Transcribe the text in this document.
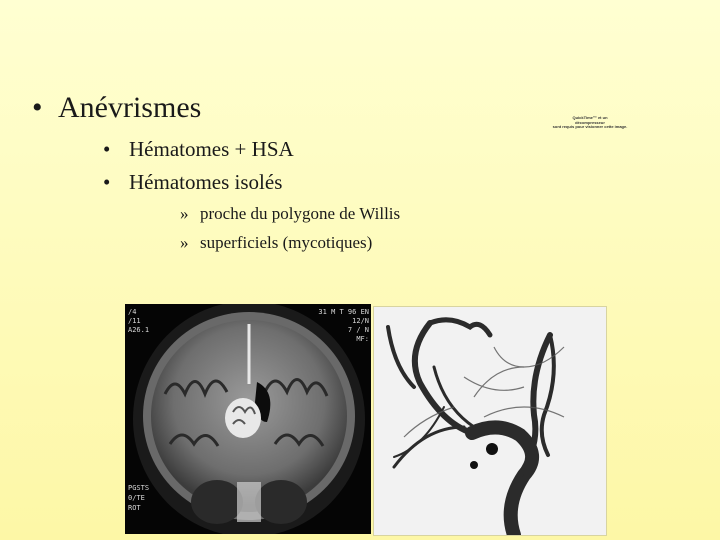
• Anévrismes
• Hématomes + HSA
• Hématomes isolés
» proche du polygone de Willis
» superficiels (mycotiques)
QuickTime™ et un
décompresseur
sont requis pour visionner cette image.
/4
/11
A26.1
31 M T 96 EN
12/N
7 / N
MF:
PGSTS
0/TE
ROT
